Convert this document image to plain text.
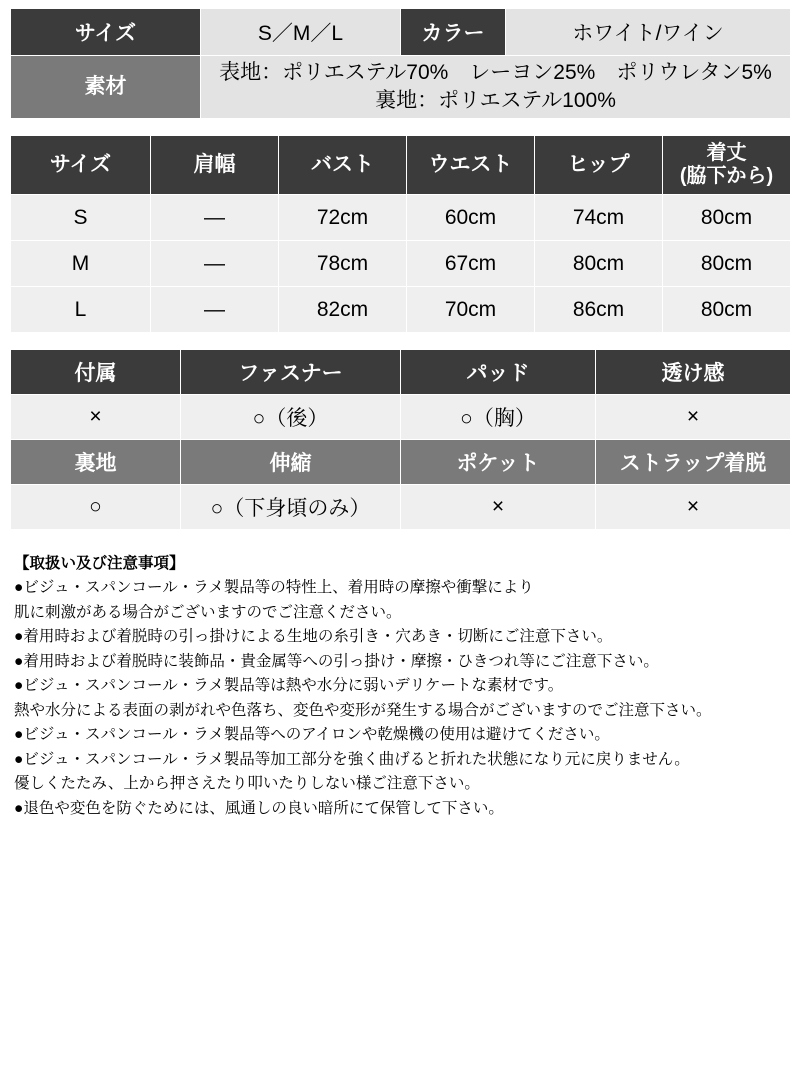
サイズ	S／M／L	カラー	ホワイト/ワイン
素材	表地：ポリエステル70%　レーヨン25%　ポリウレタン5%
裏地：ポリエステル100%		
サイズ	肩幅	バスト	ウエスト	ヒップ	着丈
(脇下から)

S	—	72cm	60cm	74cm	80cm
M	—	78cm	67cm	80cm	80cm
L	—	82cm	70cm	86cm	80cm
付属	ファスナー	パッド	透け感
×	○（後）	○（胸）	×
裏地	伸縮	ポケット	ストラップ着脱
○	○（下身頃のみ）	×	×

【取扱い及び注意事項】

●ビジュ・スパンコール・ラメ製品等の特性上、着用時の摩擦や衝撃により

肌に刺激がある場合がございますのでご注意ください。

●着用時および着脱時の引っ掛けによる生地の糸引き・穴あき・切断にご注意下さい。

●着用時および着脱時に装飾品・貴金属等への引っ掛け・摩擦・ひきつれ等にご注意下さい。

●ビジュ・スパンコール・ラメ製品等は熱や水分に弱いデリケートな素材です。

熱や水分による表面の剥がれや色落ち、変色や変形が発生する場合がございますのでご注意下さい。

●ビジュ・スパンコール・ラメ製品等へのアイロンや乾燥機の使用は避けてください。

●ビジュ・スパンコール・ラメ製品等加工部分を強く曲げると折れた状態になり元に戻りません。

優しくたたみ、上から押さえたり叩いたりしない様ご注意下さい。

●退色や変色を防ぐためには、風通しの良い暗所にて保管して下さい。
